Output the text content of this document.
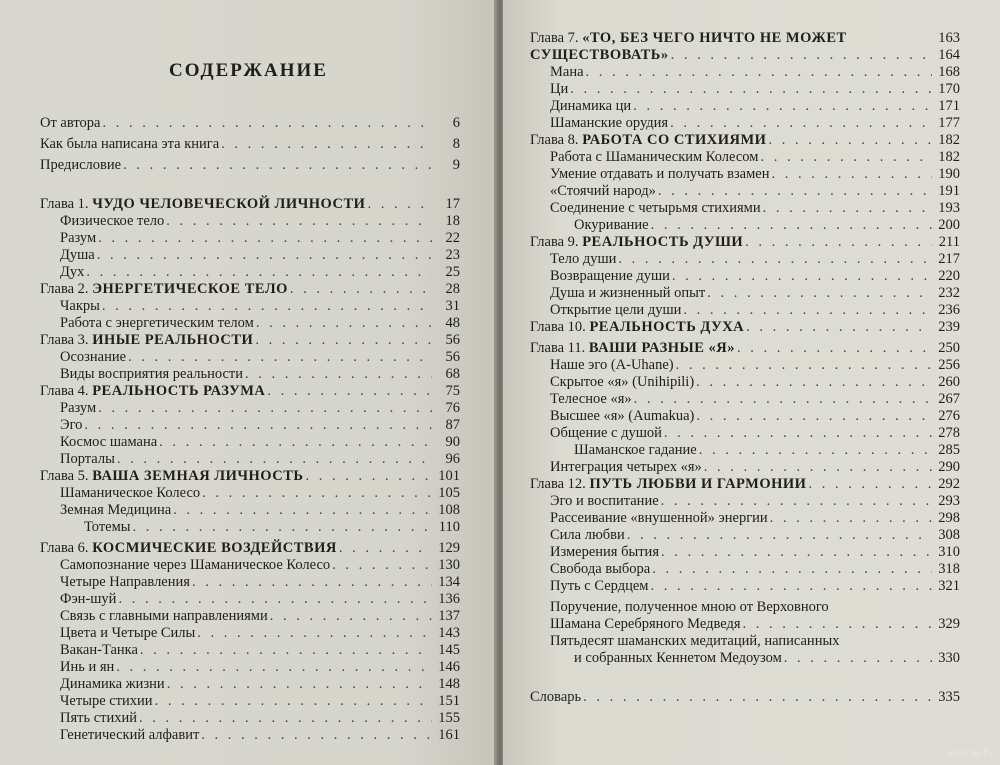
СОДЕРЖАНИЕ
От автора . . .	6
Как была написана эта книга . . .	8
Предисловие . . .	9
Глава 1. ЧУДО ЧЕЛОВЕЧЕСКОЙ ЛИЧНОСТИ . . .	17
Физическое тело . . .	18
Разум . . .	22
Душа . . .	23
Дух . . .	25
Глава 2. ЭНЕРГЕТИЧЕСКОЕ ТЕЛО . . .	28
Чакры . . .	31
Работа с энергетическим телом . . .	48
Глава 3. ИНЫЕ РЕАЛЬНОСТИ . . .	56
Осознание . . .	56
Виды восприятия реальности . . .	68
Глава 4. РЕАЛЬНОСТЬ РАЗУМА . . .	75
Разум . . .	76
Эго . . .	87
Космос шамана . . .	90
Порталы . . .	96
Глава 5. ВАША ЗЕМНАЯ ЛИЧНОСТЬ . . .	101
Шаманическое Колесо . . .	105
Земная Медицина . . .	108
Тотемы . . .	110
Глава 6. КОСМИЧЕСКИЕ ВОЗДЕЙСТВИЯ . . .	129
Самопознание через Шаманическое Колесо . . .	130
Четыре Направления . . .	134
Фэн-шуй . . .	136
Связь с главными направлениями . . .	137
Цвета и Четыре Силы . . .	143
Вакан-Танка . . .	145
Инь и ян . . .	146
Динамика жизни . . .	148
Четыре стихии . . .	151
Пять стихий . . .	155
Генетический алфавит . . .	161
Глава 7. «ТО, БЕЗ ЧЕГО НИЧТО НЕ МОЖЕТ	163
СУЩЕСТВОВАТЬ» . . .	164
Мана . . .	168
Ци . . .	170
Динамика ци . . .	171
Шаманские орудия . . .	177
Глава 8. РАБОТА СО СТИХИЯМИ . . .	182
Работа с Шаманическим Колесом . . .	182
Умение отдавать и получать взамен . . .	190
«Стоячий народ» . . .	191
Соединение с четырьмя стихиями . . .	193
Окуривание . . .	200
Глава 9. РЕАЛЬНОСТЬ ДУШИ . . .	211
Тело души . . .	217
Возвращение души . . .	220
Душа и жизненный опыт . . .	232
Открытие цели души . . .	236
Глава 10. РЕАЛЬНОСТЬ ДУХА . . .	239
Глава 11. ВАШИ РАЗНЫЕ «Я» . . .	250
Наше эго (A-Uhane) . . .	256
Скрытое «я» (Unihipili) . . .	260
Телесное «я» . . .	267
Высшее «я» (Aumakua) . . .	276
Общение с душой . . .	278
Шаманское гадание . . .	285
Интеграция четырех «я» . . .	290
Глава 12. ПУТЬ ЛЮБВИ И ГАРМОНИИ . . .	292
Эго и воспитание . . .	293
Рассеивание «внушенной» энергии . . .	298
Сила любви . . .	308
Измерения бытия . . .	310
Свобода выбора . . .	318
Путь с Сердцем . . .	321
Поручение, полученное мною от Верховного
Шамана Серебряного Медведя . . .	329
Пятьдесят шаманских медитаций, написанных
и собранных Кеннетом Медоузом . . .	330
Словарь . . .	335
www.ay.by
